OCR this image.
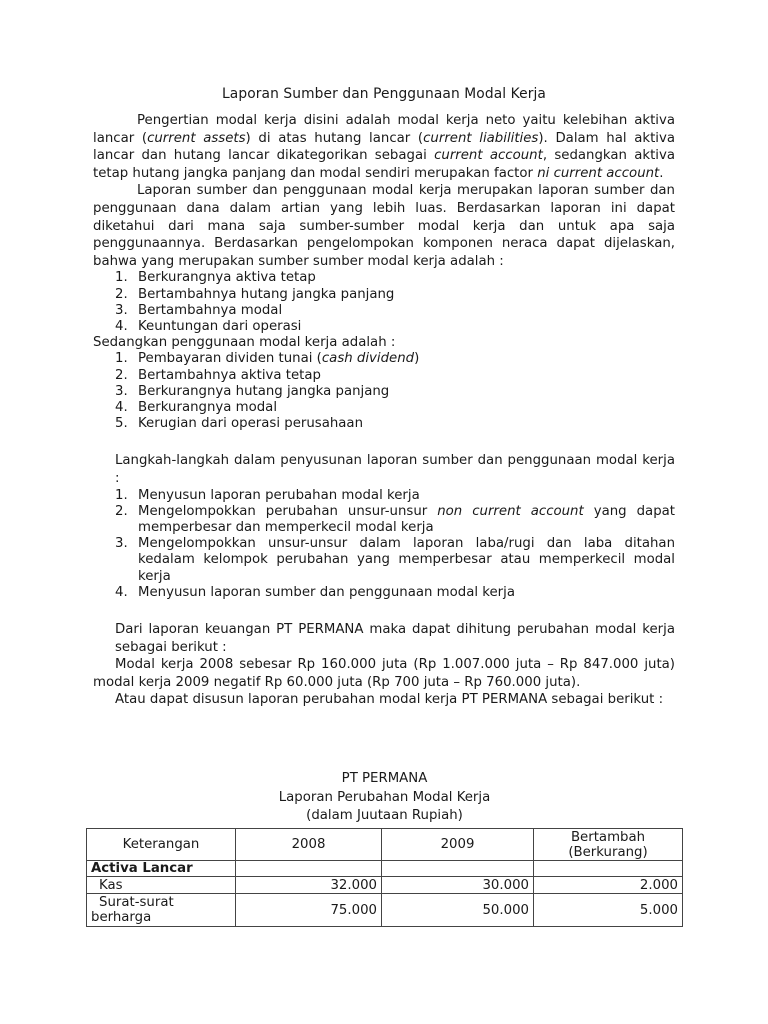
Laporan Sumber dan Penggunaan Modal Kerja

Pengertian modal kerja disini adalah modal kerja neto yaitu kelebihan aktiva lancar (current assets) di atas hutang lancar (current liabilities). Dalam hal aktiva lancar dan hutang lancar dikategorikan sebagai current account, sedangkan aktiva tetap hutang jangka panjang dan modal sendiri merupakan factor ni current account.

Laporan sumber dan penggunaan modal kerja merupakan laporan sumber dan penggunaan dana dalam artian yang lebih luas. Berdasarkan laporan ini dapat diketahui dari mana saja sumber-sumber modal kerja dan untuk apa saja penggunaannya. Berdasarkan pengelompokan komponen neraca dapat dijelaskan, bahwa yang merupakan sumber sumber modal kerja adalah :

1. Berkurangnya aktiva tetap
2. Bertambahnya hutang jangka panjang
3. Bertambahnya modal
4. Keuntungan dari operasi

Sedangkan penggunaan modal kerja adalah :

1. Pembayaran dividen tunai (cash dividend)
2. Bertambahnya aktiva tetap
3. Berkurangnya hutang jangka panjang
4. Berkurangnya modal
5. Kerugian dari operasi perusahaan

Langkah-langkah dalam penyusunan laporan sumber dan penggunaan modal kerja :

1. Menyusun laporan perubahan modal kerja
2. Mengelompokkan perubahan unsur-unsur non current account yang dapat memperbesar dan memperkecil modal kerja
3. Mengelompokkan unsur-unsur dalam laporan laba/rugi dan laba ditahan kedalam kelompok perubahan yang memperbesar atau memperkecil modal kerja
4. Menyusun laporan sumber dan penggunaan modal kerja

Dari laporan keuangan PT PERMANA maka dapat dihitung perubahan modal kerja sebagai berikut :

Modal kerja 2008 sebesar Rp 160.000 juta (Rp 1.007.000 juta – Rp 847.000 juta) modal kerja 2009 negatif Rp 60.000 juta (Rp 700 juta – Rp 760.000 juta).

Atau dapat disusun laporan perubahan modal kerja PT PERMANA sebagai berikut :

PT PERMANA
Laporan Perubahan Modal Kerja
(dalam Juutaan Rupiah)
Keterangan	2008	2009	Bertambah
(Berkurang)

Activa Lancar			
Kas	32.000	30.000	2.000

Surat-surat
berharga	75.000	50.000	5.000
